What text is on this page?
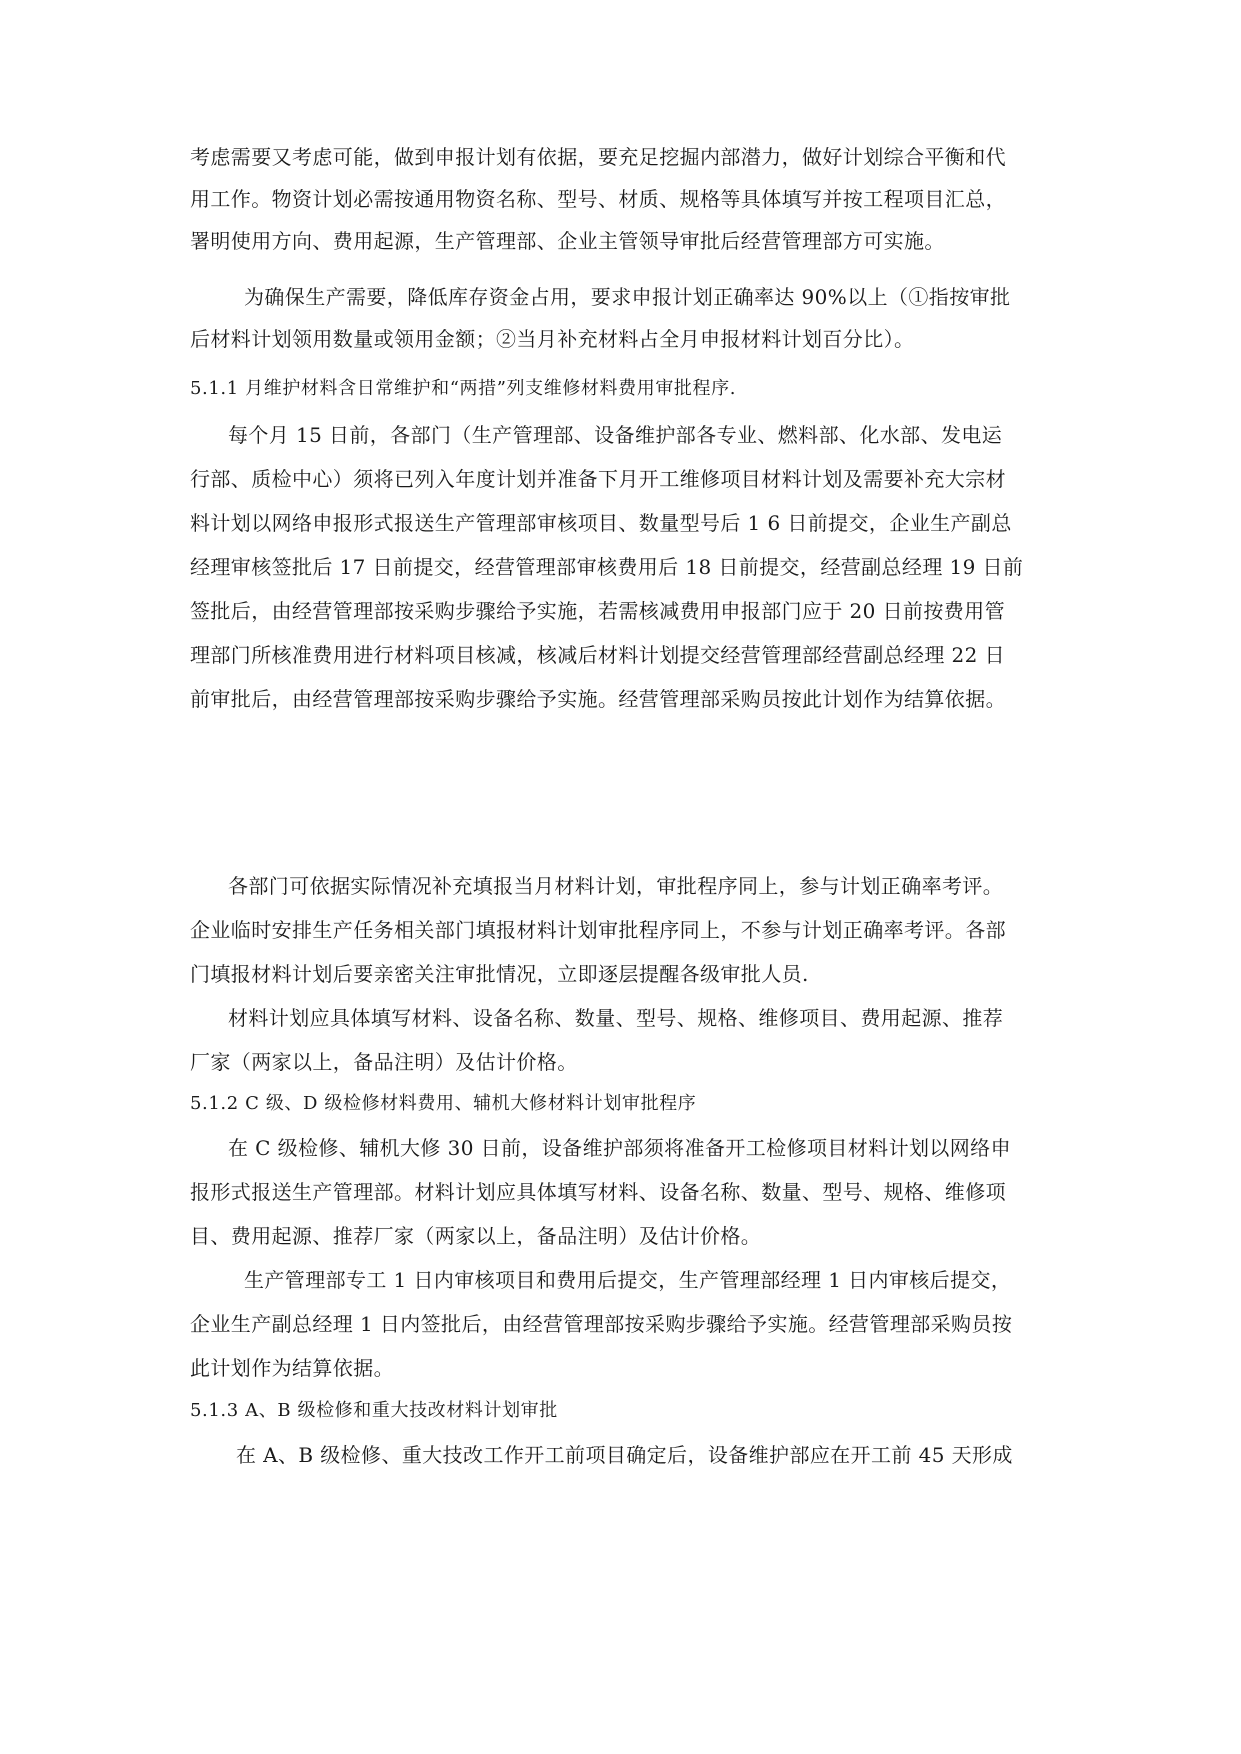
考虑需要又考虑可能，做到申报计划有依据，要充足挖掘内部潜力，做好计划综合平衡和代
用工作。物资计划必需按通用物资名称、型号、材质、规格等具体填写并按工程项目汇总，
署明使用方向、费用起源，生产管理部、企业主管领导审批后经营管理部方可实施。
为确保生产需要，降低库存资金占用，要求申报计划正确率达 90%以上（①指按审批
后材料计划领用数量或领用金额；②当月补充材料占全月申报材料计划百分比）。
5.1.1 月维护材料含日常维护和“两措”列支维修材料费用审批程序.
每个月 15 日前，各部门（生产管理部、设备维护部各专业、燃料部、化水部、发电运
行部、质检中心）须将已列入年度计划并准备下月开工维修项目材料计划及需要补充大宗材
料计划以网络申报形式报送生产管理部审核项目、数量型号后 1 6 日前提交，企业生产副总
经理审核签批后 17 日前提交，经营管理部审核费用后 18 日前提交，经营副总经理 19 日前
签批后，由经营管理部按采购步骤给予实施，若需核减费用申报部门应于 20 日前按费用管
理部门所核准费用进行材料项目核减，核减后材料计划提交经营管理部经营副总经理 22 日
前审批后，由经营管理部按采购步骤给予实施。经营管理部采购员按此计划作为结算依据。
各部门可依据实际情况补充填报当月材料计划，审批程序同上，参与计划正确率考评。
企业临时安排生产任务相关部门填报材料计划审批程序同上，不参与计划正确率考评。各部
门填报材料计划后要亲密关注审批情况，立即逐层提醒各级审批人员.
材料计划应具体填写材料、设备名称、数量、型号、规格、维修项目、费用起源、推荐
厂家（两家以上，备品注明）及估计价格。
5.1.2 C 级、D 级检修材料费用、辅机大修材料计划审批程序
在 C 级检修、辅机大修 30 日前，设备维护部须将准备开工检修项目材料计划以网络申
报形式报送生产管理部。材料计划应具体填写材料、设备名称、数量、型号、规格、维修项
目、费用起源、推荐厂家（两家以上，备品注明）及估计价格。
生产管理部专工 1 日内审核项目和费用后提交，生产管理部经理 1 日内审核后提交，
企业生产副总经理 1 日内签批后，由经营管理部按采购步骤给予实施。经营管理部采购员按
此计划作为结算依据。
5.1.3 A、B 级检修和重大技改材料计划审批
在 A、B 级检修、重大技改工作开工前项目确定后，设备维护部应在开工前 45 天形成
